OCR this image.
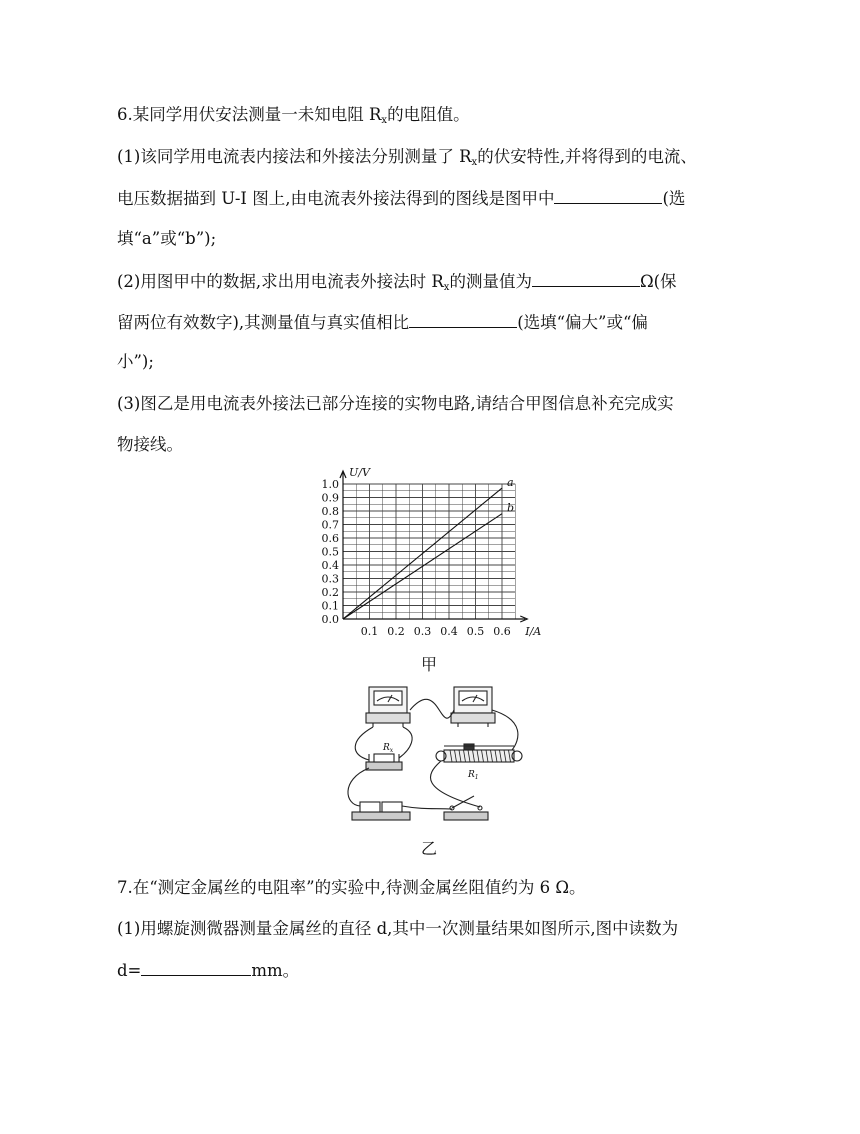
6.某同学用伏安法测量一未知电阻 $R_x$的电阻值。
(1)该同学用电流表内接法和外接法分别测量了 $R_x$的伏安特性,并将得到的电流、
电压数据描到 U-I 图上,由电流表外接法得到的图线是图甲中	(选
填“a”或“b”);
(2)用图甲中的数据,求出用电流表外接法时 $R_x$的测量值为	Ω(保
留两位有效数字),其测量值与真实值相比	(选填“偏大”或“偏
小”);
(3)图乙是用电流表外接法已部分连接的实物电路,请结合甲图信息补充完成实
物接线。
0.0
0.1
0.2
0.3
0.4
0.5
0.6
0.7
0.8
0.9
1.0
0.1 0.2 0.3 0.4 0.5 0.6
U/V
I/A
a
b
甲
$R_x$
$R_1$
乙
7.在“测定金属丝的电阻率”的实验中,待测金属丝阻值约为 6 Ω。
(1)用螺旋测微器测量金属丝的直径 d,其中一次测量结果如图所示,图中读数为
d=	mm。
